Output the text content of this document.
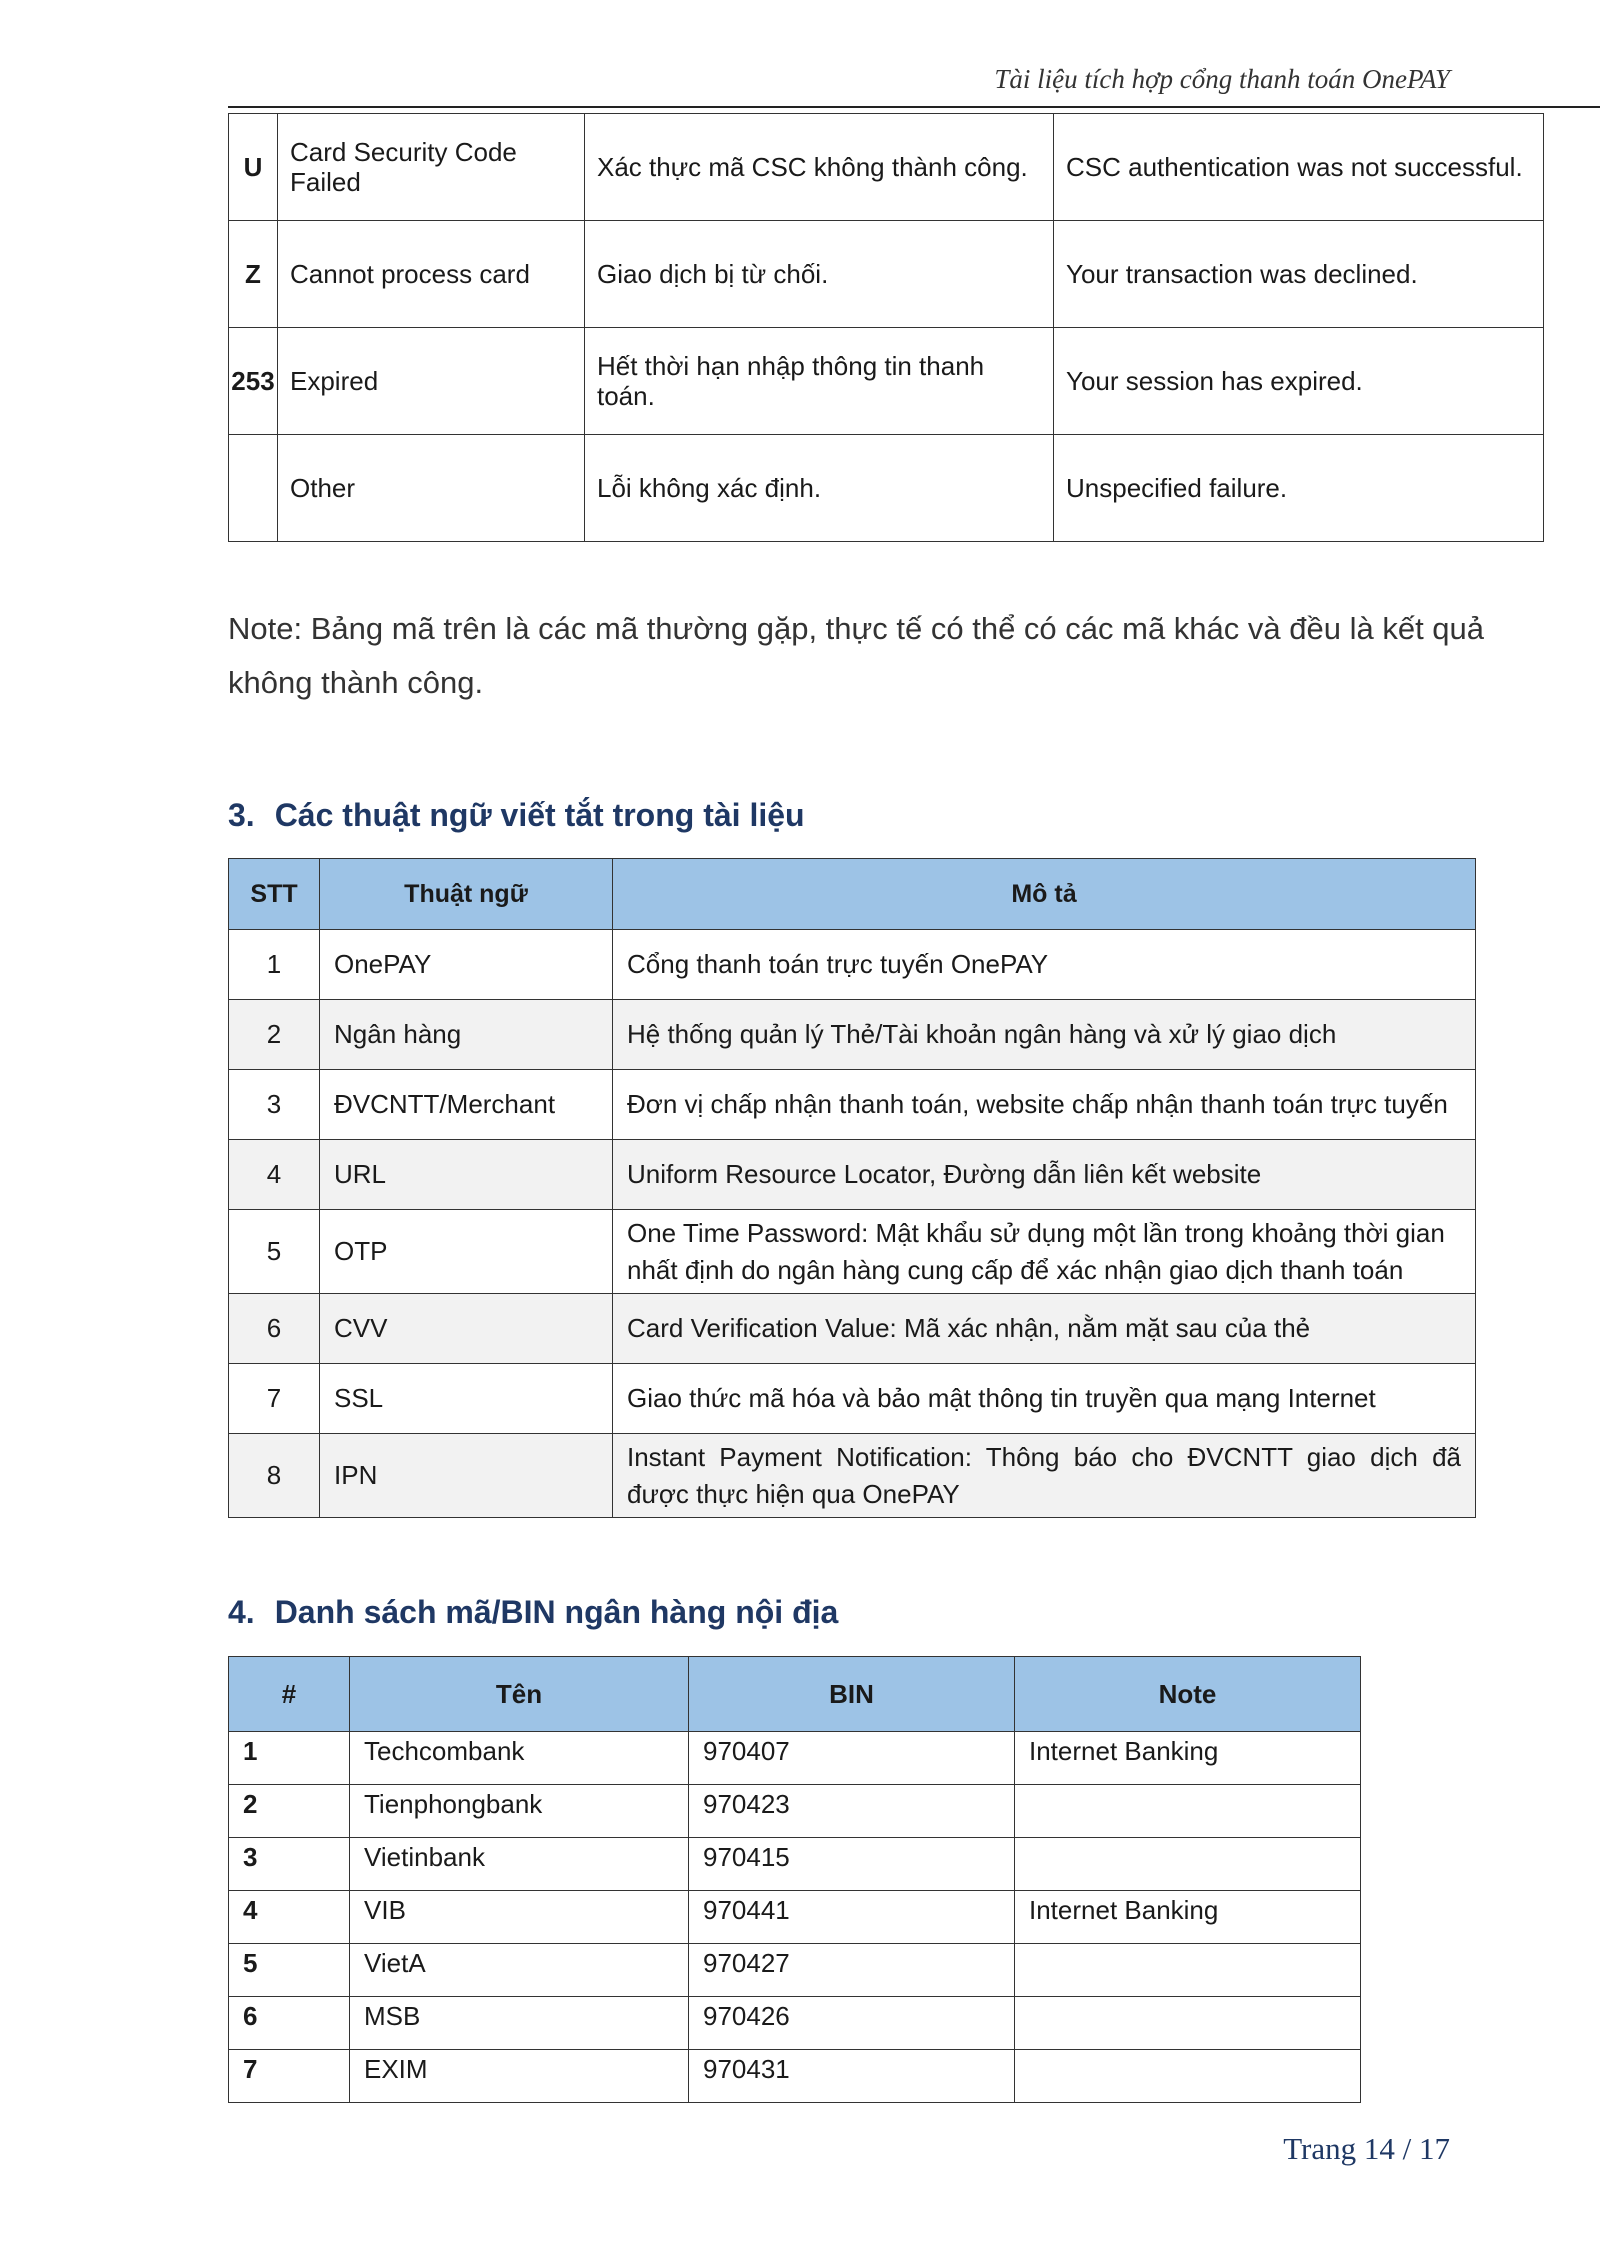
Tài liệu tích hợp cổng thanh toán OnePAY
U	Card Security Code Failed	Xác thực mã CSC không thành công.	CSC authentication was not successful.
Z	Cannot process card	Giao dịch bị từ chối.	Your transaction was declined.
253	Expired	Hết thời hạn nhập thông tin thanh toán.	Your session has expired.
	Other	Lỗi không xác định.	Unspecified failure.
Note: Bảng mã trên là các mã thường gặp, thực tế có thể có các mã khác và đều là kết quả không thành công.
3. Các thuật ngữ viết tắt trong tài liệu
STT	Thuật ngữ	Mô tả
1	OnePAY	Cổng thanh toán trực tuyến OnePAY
2	Ngân hàng	Hệ thống quản lý Thẻ/Tài khoản ngân hàng và xử lý giao dịch
3	ĐVCNTT/Merchant	Đơn vị chấp nhận thanh toán, website chấp nhận thanh toán trực tuyến
4	URL	Uniform Resource Locator, Đường dẫn liên kết website
5	OTP	One Time Password: Mật khẩu sử dụng một lần trong khoảng thời gian nhất định do ngân hàng cung cấp để xác nhận giao dịch thanh toán
6	CVV	Card Verification Value: Mã xác nhận, nằm mặt sau của thẻ
7	SSL	Giao thức mã hóa và bảo mật thông tin truyền qua mạng Internet
8	IPN	Instant Payment Notification: Thông báo cho ĐVCNTT giao dịch đã được thực hiện qua OnePAY
4. Danh sách mã/BIN ngân hàng nội địa
#	Tên	BIN	Note
1	Techcombank	970407	Internet Banking
2	Tienphongbank	970423	
3	Vietinbank	970415	
4	VIB	970441	Internet Banking
5	VietA	970427	
6	MSB	970426	
7	EXIM	970431	
Trang 14 / 17
